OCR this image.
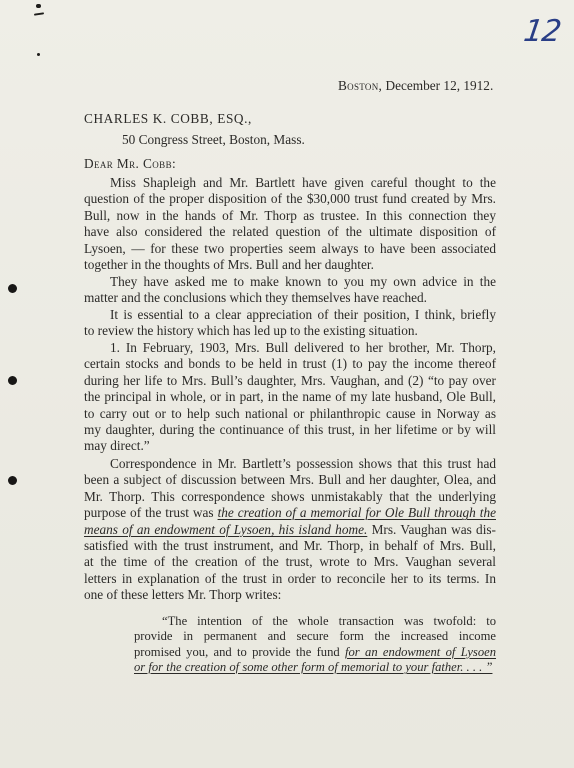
12
Boston, December 12, 1912.
CHARLES K. COBB, ESQ.,
50 Congress Street, Boston, Mass.
Dear Mr. Cobb:
Miss Shapleigh and Mr. Bartlett have given careful thought to the
question of the proper disposition of the $30,000 trust fund created by Mrs.
Bull, now in the hands of Mr. Thorp as trustee. In this connection they
have also considered the related question of the ultimate disposition of
Lysoen, — for these two properties seem always to have been associated
together in the thoughts of Mrs. Bull and her daughter.
They have asked me to make known to you my own advice in the
matter and the conclusions which they themselves have reached.
It is essential to a clear appreciation of their position, I think, briefly
to review the history which has led up to the existing situation.
1. In February, 1903, Mrs. Bull delivered to her brother, Mr. Thorp,
certain stocks and bonds to be held in trust (1) to pay the income thereof
during her life to Mrs. Bull’s daughter, Mrs. Vaughan, and (2) “to pay over
the principal in whole, or in part, in the name of my late husband, Ole Bull,
to carry out or to help such national or philanthropic cause in Norway as
my daughter, during the continuance of this trust, in her lifetime or by will
may direct.”
Correspondence in Mr. Bartlett’s possession shows that this trust had
been a subject of discussion between Mrs. Bull and her daughter, Olea, and
Mr. Thorp. This correspondence shows unmistakably that the underlying
purpose of the trust was the creation of a memorial for Ole Bull through the
means of an endowment of Lysoen, his island home. Mrs. Vaughan was dis-
satisfied with the trust instrument, and Mr. Thorp, in behalf of Mrs. Bull,
at the time of the creation of the trust, wrote to Mrs. Vaughan several
letters in explanation of the trust in order to reconcile her to its terms. In
one of these letters Mr. Thorp writes:
“The intention of the whole transaction was twofold: to
provide in permanent and secure form the increased income
promised you, and to provide the fund for an endowment of Lysoen
or for the creation of some other form of memorial to your father. . . . ”
